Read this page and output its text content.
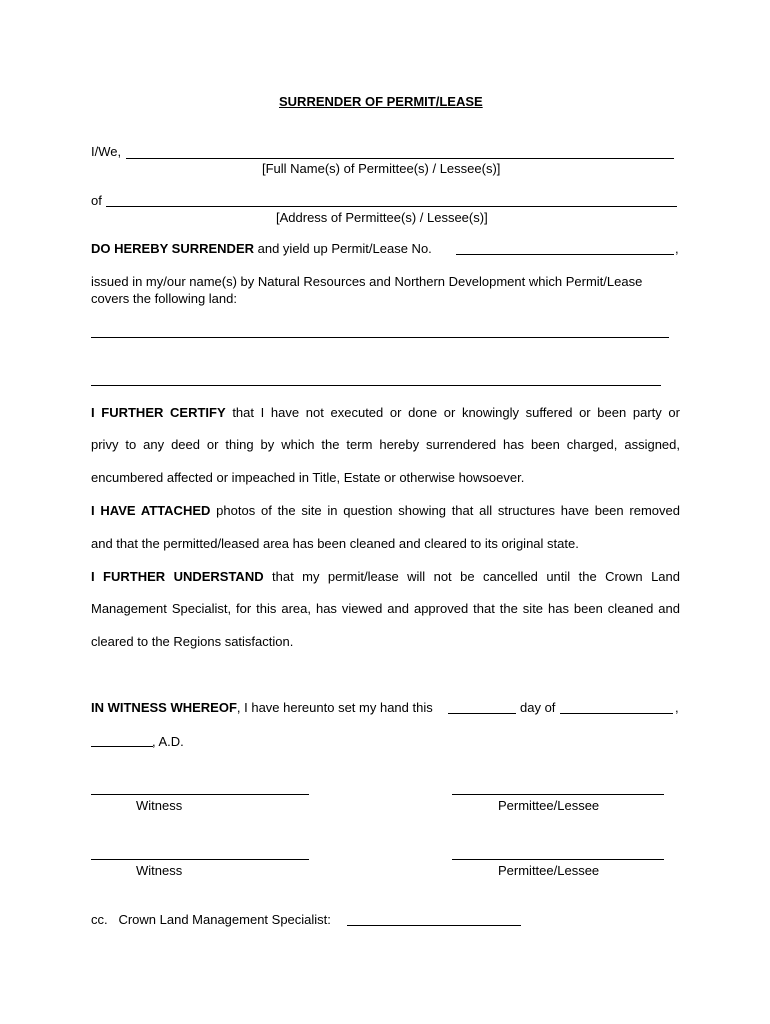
SURRENDER OF PERMIT/LEASE
I/We,
[Full Name(s) of Permittee(s) / Lessee(s)]
of
[Address of Permittee(s) / Lessee(s)]
DO HEREBY SURRENDER and yield up Permit/Lease No.	,
issued in my/our name(s) by Natural Resources and Northern Development which Permit/Lease
covers the following land:
I FURTHER CERTIFY that I have not executed or done or knowingly suffered or been party or
privy to any deed or thing by which the term hereby surrendered has been charged, assigned,
encumbered affected or impeached in Title, Estate or otherwise howsoever.
I HAVE ATTACHED photos of the site in question showing that all structures have been removed
and that the permitted/leased area has been cleaned and cleared to its original state.
I FURTHER UNDERSTAND that my permit/lease will not be cancelled until the Crown Land
Management Specialist, for this area, has viewed and approved that the site has been cleaned and
cleared to the Regions satisfaction.
IN WITNESS WHEREOF, I have hereunto set my hand this	day of	,
, A.D.
Witness	Permittee/Lessee
Witness	Permittee/Lessee
cc.   Crown Land Management Specialist:
